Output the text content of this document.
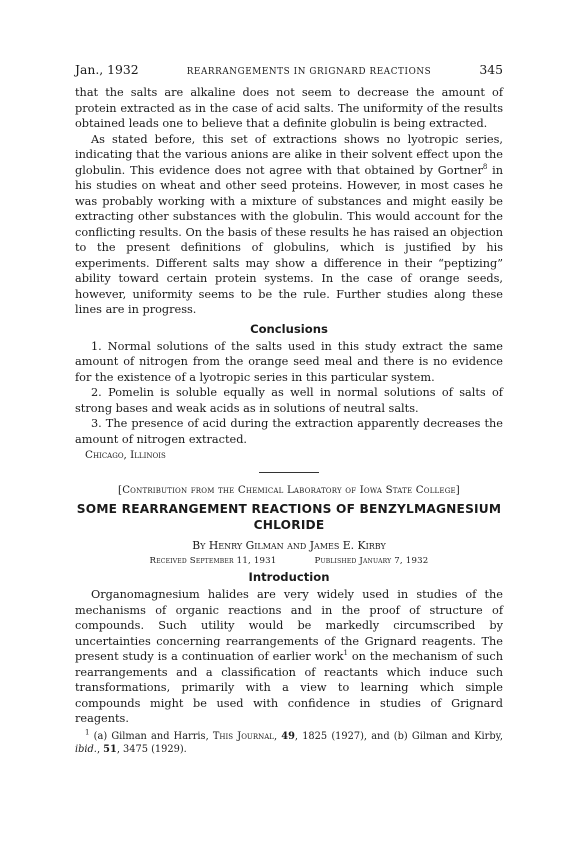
Jan., 1932	REARRANGEMENTS IN GRIGNARD REACTIONS	345

that the salts are alkaline does not seem to decrease the amount of protein extracted as in the case of acid salts. The uniformity of the results obtained leads one to believe that a definite globulin is being extracted.

As stated before, this set of extractions shows no lyotropic series, indicating that the various anions are alike in their solvent effect upon the globulin. This evidence does not agree with that obtained by Gortner$^8$ in his studies on wheat and other seed proteins. However, in most cases he was probably working with a mixture of substances and might easily be extracting other substances with the globulin. This would account for the conflicting results. On the basis of these results he has raised an objection to the present definitions of globulins, which is justified by his experiments. Different salts may show a difference in their “peptizing” ability toward certain protein systems. In the case of orange seeds, however, uniformity seems to be the rule. Further studies along these lines are in progress.

Conclusions

1. Normal solutions of the salts used in this study extract the same amount of nitrogen from the orange seed meal and there is no evidence for the existence of a lyotropic series in this particular system.

2. Pomelin is soluble equally as well in normal solutions of salts of strong bases and weak acids as in solutions of neutral salts.

3. The presence of acid during the extraction apparently decreases the amount of nitrogen extracted.

Chicago, Illinois
[Contribution from the Chemical Laboratory of Iowa State College]
SOME REARRANGEMENT REACTIONS OF BENZYLMAGNESIUM CHLORIDE
By Henry Gilman and James E. Kirby
Received September 11, 1931	Published January 7, 1932
Introduction

Organomagnesium halides are very widely used in studies of the mechanisms of organic reactions and in the proof of structure of compounds. Such utility would be markedly circumscribed by uncertainties concerning rearrangements of the Grignard reagents. The present study is a continuation of earlier work$^1$ on the mechanism of such rearrangements and a classification of reactants which induce such transformations, primarily with a view to learning which simple compounds might be used with confidence in studies of Grignard reagents.

$^1$ (a) Gilman and Harris, This Journal, 49, 1825 (1927), and (b) Gilman and Kirby, ibid., 51, 3475 (1929).
